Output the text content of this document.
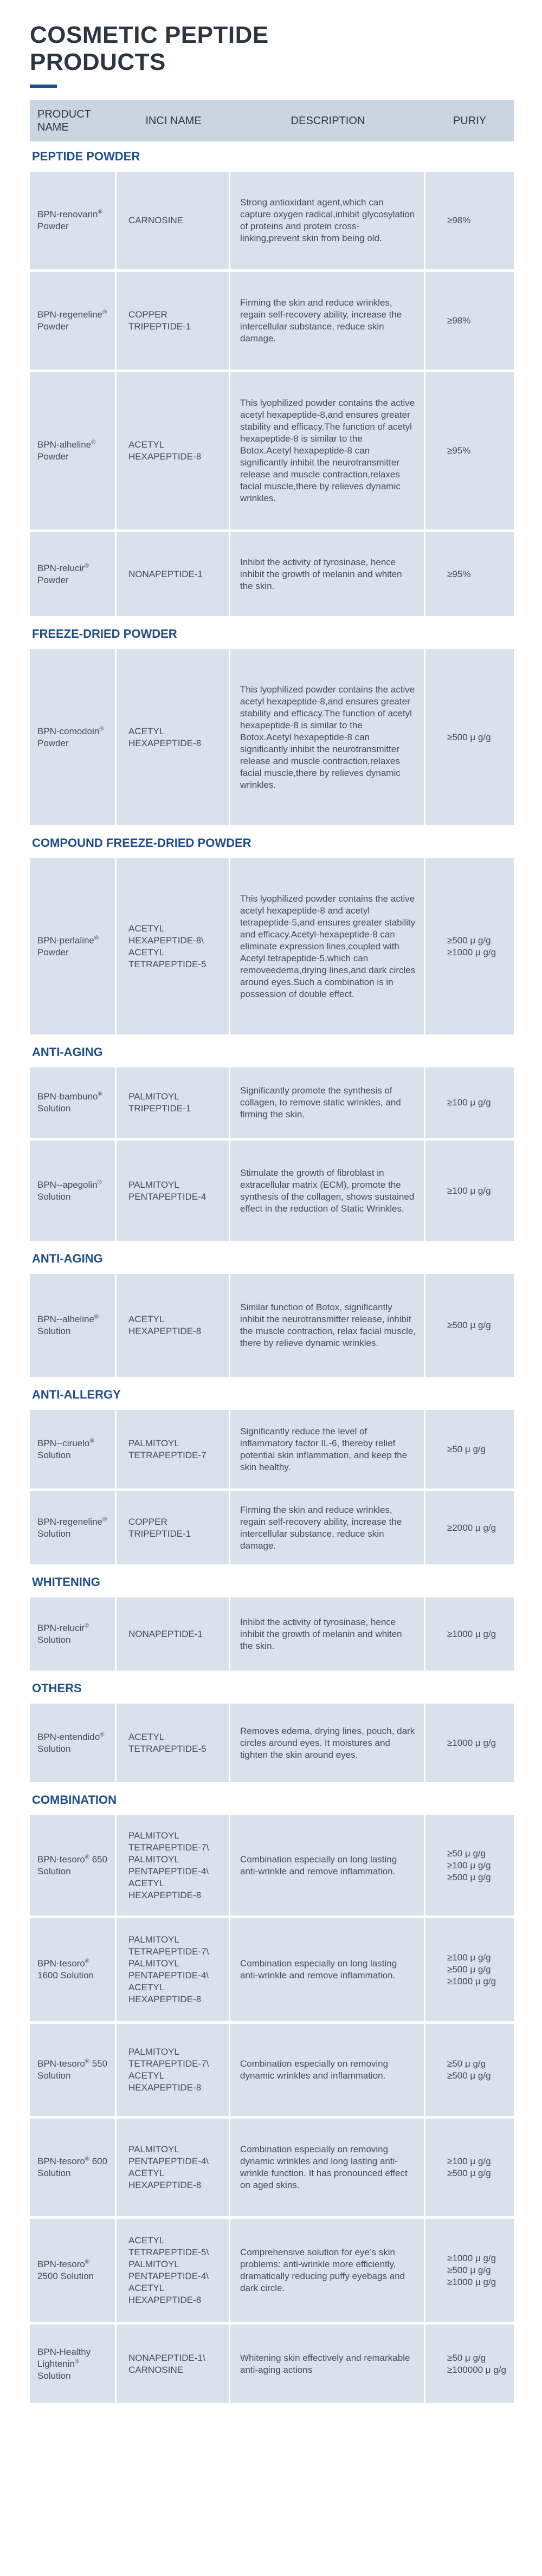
COSMETIC PEPTIDE
PRODUCTS
PRODUCT NAME
INCI NAME	DESCRIPTION	PURIY
PEPTIDE POWDER
BPN-renovarin® Powder
CARNOSINE
Strong antioxidant agent,which can capture oxygen radical,inhibit glycosylation of proteins and protein cross-linking,prevent skin from being old.
≥98%
BPN-regeneline® Powder
COPPER TRIPEPTIDE-1
Firming the skin and reduce wrinkles, regain self-recovery ability, increase the intercellular substance, reduce skin damage.
≥98%
BPN-alheline® Powder
ACETYL HEXAPEPTIDE-8
This lyophilized powder contains the active acetyl hexapeptide-8,and ensures greater stability and efficacy.The function of acetyl hexapeptide-8 is similar to the Botox.Acetyl hexapeptide-8 can significantly inhibit the neurotransmitter release and muscle contraction,relaxes facial muscle,there by relieves dynamic wrinkles.
≥95%
BPN-relucir® Powder
NONAPEPTIDE-1
Inhibit the activity of tyrosinase, hence inhibit the growth of melanin and whiten the skin.
≥95%
FREEZE-DRIED POWDER
BPN-comodoin® Powder
ACETYL HEXAPEPTIDE-8
This lyophilized powder contains the active acetyl hexapeptide-8,and ensures greater stability and efficacy.The function of acetyl hexapeptide-8 is similar to the Botox.Acetyl hexapeptide-8 can significantly inhibit the neurotransmitter release and muscle contraction,relaxes facial muscle,there by relieves dynamic wrinkles.
≥500 μ g/g
COMPOUND FREEZE-DRIED POWDER
BPN-perlaline® Powder
ACETYL HEXAPEPTIDE-8\ ACETYL TETRAPEPTIDE-5
This lyophilized powder contains the active acetyl hexapeptide-8 and acetyl tetrapeptide-5,and ensures greater stability and efficacy.Acetyl-hexapeptide-8 can eliminate expression lines,coupled with Acetyl tetrapeptide-5,which can removeedema,drying lines,and dark circles around eyes.Such a combination is in possession of double effect.
≥500 μ g/g
≥1000 μ g/g
ANTI-AGING
BPN-bambuno® Solution
PALMITOYL TRIPEPTIDE-1
Significantly promote the synthesis of collagen, to remove static wrinkles, and firming the skin.
≥100 μ g/g
BPN--apegolin® Solution
PALMITOYL PENTAPEPTIDE-4
Stimulate the growth of fibroblast in extracellular matrix (ECM), promote the synthesis of the collagen, shows sustained effect in the reduction of Static Wrinkles.
≥100 μ g/g
ANTI-AGING
BPN--alheline® Solution
ACETYL HEXAPEPTIDE-8
Similar function of Botox, significantly inhibit the neurotransmitter release, inhibit the muscle contraction, relax facial muscle, there by relieve dynamic wrinkles.
≥500 μ g/g
ANTI-ALLERGY
BPN--ciruelo® Solution
PALMITOYL TETRAPEPTIDE-7
Significantly reduce the level of inflammatory factor IL-6, thereby relief potential skin inflammation, and keep the skin healthy.
≥50 μ g/g
BPN-regeneline® Solution
COPPER TRIPEPTIDE-1
Firming the skin and reduce wrinkles, regain self-recovery ability, increase the intercellular substance, reduce skin damage.
≥2000 μ g/g
WHITENING
BPN-relucir® Solution
NONAPEPTIDE-1
Inhibit the activity of tyrosinase, hence inhibit the growth of melanin and whiten the skin.
≥1000 μ g/g
OTHERS
BPN-entendido® Solution
ACETYL TETRAPEPTIDE-5
Removes edema, drying lines, pouch, dark circles around eyes. It moistures and tighten the skin around eyes.
≥1000 μ g/g
COMBINATION
BPN-tesoro® 650 Solution
PALMITOYL TETRAPEPTIDE-7\
PALMITOYL PENTAPEPTIDE-4\
ACETYL HEXAPEPTIDE-8
Combination especially on long lasting anti-wrinkle and remove inflammation.
≥50 μ g/g
≥100 μ g/g
≥500 μ g/g
BPN-tesoro® 1600 Solution
PALMITOYL TETRAPEPTIDE-7\
PALMITOYL PENTAPEPTIDE-4\
ACETYL HEXAPEPTIDE-8
Combination especially on long lasting anti-wrinkle and remove inflammation.
≥100 μ g/g
≥500 μ g/g
≥1000 μ g/g
BPN-tesoro® 550 Solution
PALMITOYL TETRAPEPTIDE-7\
ACETYL HEXAPEPTIDE-8
Combination especially on removing dynamic wrinkles and inflammation.
≥50 μ g/g
≥500 μ g/g
BPN-tesoro® 600 Solution
PALMITOYL PENTAPEPTIDE-4\
ACETYL HEXAPEPTIDE-8
Combination especially on removing dynamic wrinkles and long lasting anti-wrinkle function. It has pronounced effect on aged skins.
≥100 μ g/g
≥500 μ g/g
BPN-tesoro® 2500 Solution
ACETYL TETRAPEPTIDE-5\
PALMITOYL PENTAPEPTIDE-4\
ACETYL HEXAPEPTIDE-8
Comprehensive solution for eye’s skin problems: anti-wrinkle more efficiently, dramatically reducing puffy eyebags and dark circle.
≥1000 μ g/g
≥500 μ g/g
≥1000 μ g/g
BPN-Healthy Lightenin® Solution
NONAPEPTIDE-1\
CARNOSINE
Whitening skin effectively and remarkable anti-aging actions
≥50 μ g/g
≥100000 μ g/g
